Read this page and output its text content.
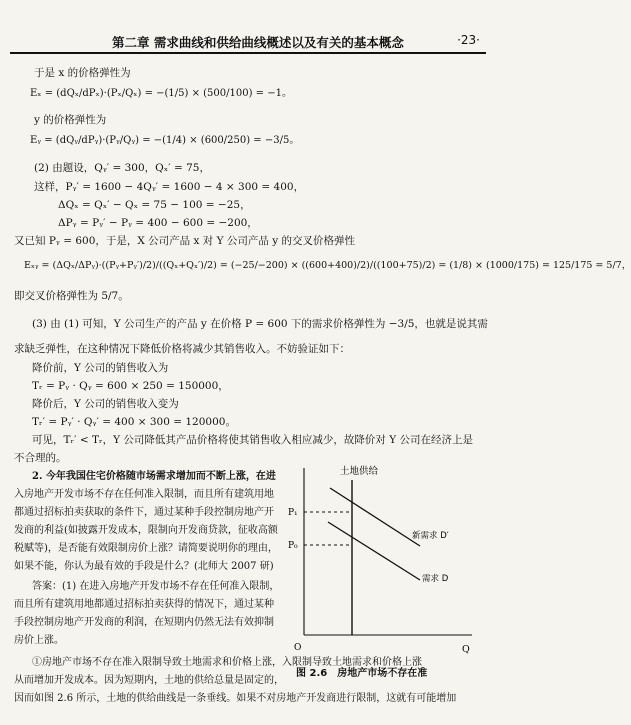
第二章 需求曲线和供给曲线概述以及有关的基本概念	·23·
于是 x 的价格弹性为
Eₓ = (dQₓ/dPₓ)·(Pₓ/Qₓ) = −(1/5) × (500/100) = −1。
y 的价格弹性为
Eᵧ = (dQᵧ/dPᵧ)·(Pᵧ/Qᵧ) = −(1/4) × (600/250) = −3/5。
(2) 由题设，Qᵧ′ = 300，Qₓ′ = 75，
这样，Pᵧ′ = 1600 − 4Qᵧ′ = 1600 − 4 × 300 = 400，
ΔQₓ = Qₓ′ − Qₓ = 75 − 100 = −25，
ΔPᵧ = Pᵧ′ − Pᵧ = 400 − 600 = −200，
又已知 Pᵧ = 600，于是，X 公司产品 x 对 Y 公司产品 y 的交叉价格弹性
Eₓᵧ = (ΔQₓ/ΔPᵧ)·((Pᵧ+Pᵧ′)/2)/((Qₓ+Qₓ′)/2) = (−25/−200) × ((600+400)/2)/((100+75)/2) = (1/8) × (1000/175) = 125/175 = 5/7，
即交叉价格弹性为 5/7。
(3) 由 (1) 可知，Y 公司生产的产品 y 在价格 P = 600 下的需求价格弹性为 −3/5，也就是说其需
求缺乏弹性，在这种情况下降低价格将减少其销售收入。不妨验证如下：
降价前，Y 公司的销售收入为
Tᵣ = Pᵧ · Qᵧ = 600 × 250 = 150000，
降价后，Y 公司的销售收入变为
Tᵣ′ = Pᵧ′ · Qᵧ′ = 400 × 300 = 120000。
可见，Tᵣ′ < Tᵣ，Y 公司降低其产品价格将使其销售收入相应减少，故降价对 Y 公司在经济上是
不合理的。
2. 今年我国住宅价格随市场需求增加而不断上涨，在进
入房地产开发市场不存在任何准入限制，而且所有建筑用地
都通过招标拍卖获取的条件下，通过某种手段控制房地产开
发商的利益(如披露开发成本，限制向开发商贷款，征收高额
税赋等)，是否能有效限制房价上涨？请简要说明你的理由，
如果不能，你认为最有效的手段是什么？(北师大 2007 研)
答案：(1) 在进入房地产开发市场不存在任何准入限制，
而且所有建筑用地都通过招标拍卖获得的情况下，通过某种
手段控制房地产开发商的利润，在短期内仍然无法有效抑制
房价上涨。
①房地产市场不存在准入限制导致土地需求和价格上涨，入限制导致土地需求和价格上涨
从而增加开发成本。因为短期内，土地的供给总量是固定的，
因而如图 2.6 所示，土地的供给曲线是一条垂线。如果不对房地产开发商进行限制，这就有可能增加
土地供给
P₁
P₀
新需求 D′
需求 D
O	Q
图 2.6　房地产市场不存在准
